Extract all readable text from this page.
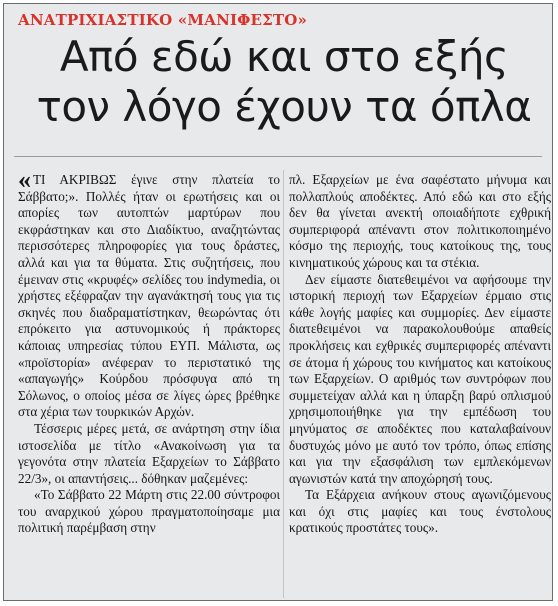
ΑΝΑΤΡΙΧΙΑΣΤΙΚΟ «ΜΑΝΙΦΕΣΤΟ»
Από εδώ και στο εξής
τον λόγο έχουν τα όπλα

« ΤΙ ΑΚΡΙΒΩΣ έγινε στην πλατεία το Σάββατο;». Πολλές ήταν οι ερωτήσεις και οι απορίες των αυτοπτών μαρτύρων που εκφράστηκαν και στο Διαδίκτυο, αναζητώντας περισσότερες πληροφορίες για τους δράστες, αλλά και για τα θύματα. Στις συζητήσεις, που έμειναν στις «κρυφές» σελίδες του indymedia, οι χρήστες εξέφραζαν την αγανάκτησή τους για τις σκηνές που διαδραματίστηκαν, θεωρώντας ότι επρόκειτο για αστυνομικούς ή πράκτορες κάποιας υπηρεσίας τύπου ΕΥΠ. Μάλιστα, ως «προϊστορία» ανέφεραν το περιστατικό της «απαγωγής» Κούρδου πρόσφυγα από τη Σόλωνος, ο οποίος μέσα σε λίγες ώρες βρέθηκε στα χέρια των τουρκικών Αρχών.

Τέσσερις μέρες μετά, σε ανάρτηση στην ίδια ιστοσελίδα με τίτλο «Ανακοίνωση για τα γεγονότα στην πλατεία Εξαρχείων το Σάββατο 22/3», οι απαντήσεις... δόθηκαν μαζεμένες:

«Το Σάββατο 22 Μάρτη στις 22.00 σύντροφοι του αναρχικού χώρου πραγματοποίησαμε μια πολιτική παρέμβαση στην

πλ. Εξαρχείων με ένα σαφέστατο μήνυμα και πολλαπλούς αποδέκτες. Από εδώ και στο εξής δεν θα γίνεται ανεκτή οποιαδήποτε εχθρική συμπεριφορά απέναντι στον πολιτικοποιημένο κόσμο της περιοχής, τους κατοίκους της, τους κινηματικούς χώρους και τα στέκια.

Δεν είμαστε διατεθειμένοι να αφήσουμε την ιστορική περιοχή των Εξαρχείων έρμαιο στις κάθε λογής μαφίες και συμμορίες. Δεν είμαστε διατεθειμένοι να παρακολουθούμε απαθείς προκλήσεις και εχθρικές συμπεριφορές απέναντι σε άτομα ή χώρους του κινήματος και κατοίκους των Εξαρχείων. Ο αριθμός των συντρόφων που συμμετείχαν αλλά και η ύπαρξη βαρύ οπλισμού χρησιμοποιήθηκε για την εμπέδωση του μηνύματος σε αποδέκτες που καταλαβαίνουν δυστυχώς μόνο με αυτό τον τρόπο, όπως επίσης και για την εξασφάλιση των εμπλεκόμενων αγωνιστών κατά την αποχώρησή τους.

Τα Εξάρχεια ανήκουν στους αγωνιζόμενους και όχι στις μαφίες και τους ένστολους κρατικούς προστάτες τους».
